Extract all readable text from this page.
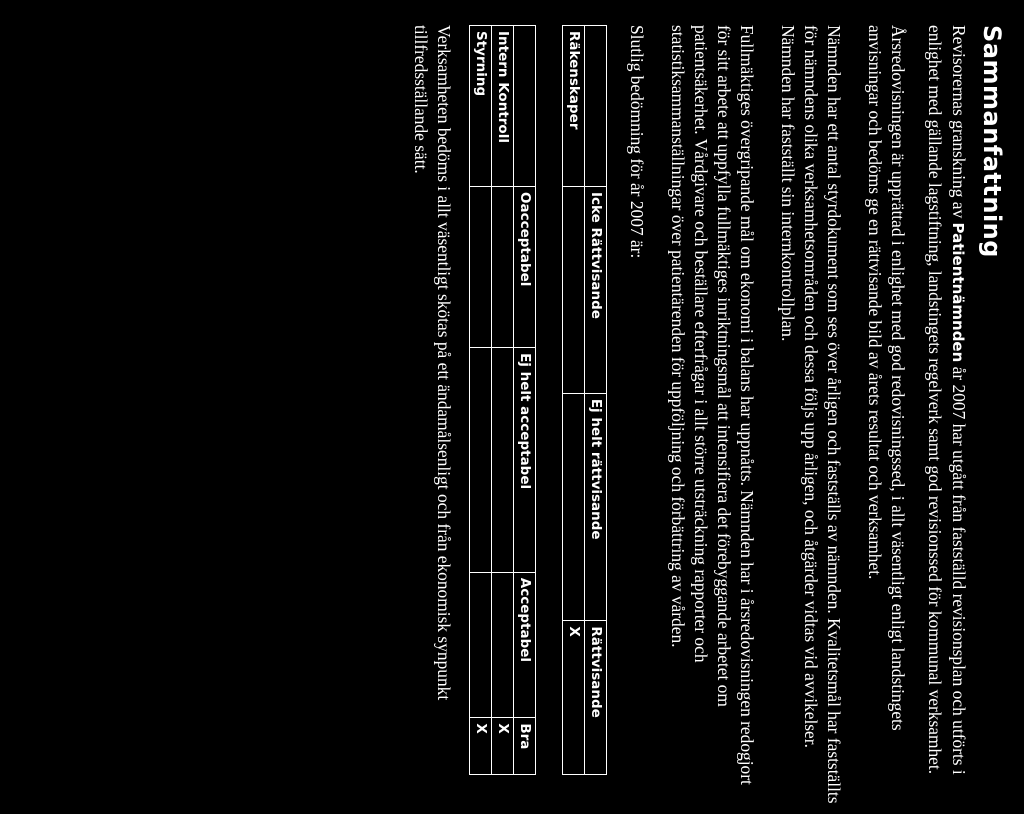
Sammanfattning

Revisorernas granskning av Patientnämnden år 2007 har utgått från fastställd revisionsplan och utförts i enlighet med gällande lagstiftning, landstingets regelverk samt god revisionssed för kommunal verksamhet.

Årsredovisningen är upprättad i enlighet med god redovisningssed, i allt väsentligt enligt landstingets anvisningar och bedöms ge en rättvisande bild av årets resultat och verksamhet.

Nämnden har ett antal styrdokument som ses över årligen och fastställs av nämnden. Kvalitetsmål har fastställts för nämndens olika verksamhetsområden och dessa följs upp årligen, och åtgärder vidtas vid avvikelser. Nämnden har fastställt sin internkontrollplan.

Fullmäktiges övergripande mål om ekonomi i balans har uppnåtts. Nämnden har i årsredovisningen redogjort för sitt arbete att uppfylla fullmäktiges inriktningsmål att intensifiera det förebyggande arbetet om patientsäkerhet. Vårdgivare och beställare efterfrågar i allt större utsträckning rapporter och statistiksammanställningar över patientärenden för uppföljning och förbättring av vården.

Slutlig bedömning för år 2007 är:

	Icke Rättvisande	Ej helt rättvisande	Rättvisande
Räkenskaper			X
	Oacceptabel	Ej helt acceptabel	Acceptabel	Bra
Intern Kontroll				X
Styrning				X

Verksamheten bedöms i allt väsentligt skötas på ett ändamålsenligt och från ekonomisk synpunkt tillfredsställande sätt.
